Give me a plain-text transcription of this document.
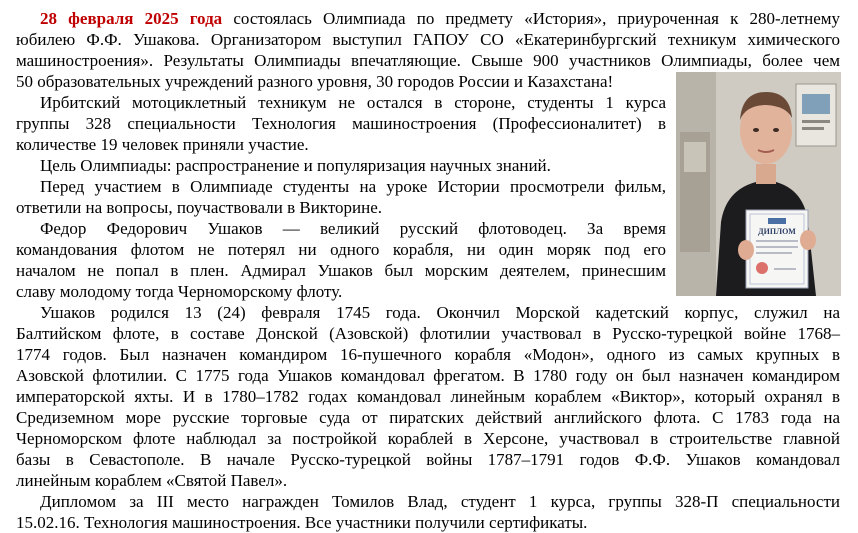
28 февраля 2025 года состоялась Олимпиада по предмету «История», приуроченная к 280-летнему
юбилею Ф.Ф. Ушакова. Организатором выступил ГАПОУ СО «Екатеринбургский техникум химического
машиностроения». Результаты Олимпиады впечатляющие. Свыше 900 участников Олимпиады, более чем
50 образовательных учреждений разного уровня, 30 городов России и Казахстана!
Ирбитский мотоциклетный техникум не остался в стороне, студенты 1 курса
группы 328 специальности Технология машиностроения (Профессионалитет) в
количестве 19 человек приняли участие.
Цель Олимпиады: распространение и популяризация научных знаний.
Перед участием в Олимпиаде студенты на уроке Истории просмотрели фильм,
ответили на вопросы, поучаствовали в Викторине.
Федор Федорович Ушаков — великий русский флотоводец. За время
командования флотом не потерял ни одного корабля, ни один моряк под его
началом не попал в плен. Адмирал Ушаков был морским деятелем, принесшим
славу молодому тогда Черноморскому флоту.
Ушаков родился 13 (24) февраля 1745 года. Окончил Морской кадетский корпус, служил на
Балтийском флоте, в составе Донской (Азовской) флотилии участвовал в Русско-турецкой войне 1768–
1774 годов. Был назначен командиром 16-пушечного корабля «Модон», одного из самых крупных в
Азовской флотилии. С 1775 года Ушаков командовал фрегатом. В 1780 году он был назначен командиром
императорской яхты. И в 1780–1782 годах командовал линейным кораблем «Виктор», который охранял в
Средиземном море русские торговые суда от пиратских действий английского флота. С 1783 года на
Черноморском флоте наблюдал за постройкой кораблей в Херсоне, участвовал в строительстве главной
базы в Севастополе. В начале Русско-турецкой войны 1787–1791 годов Ф.Ф. Ушаков командовал
линейным кораблем «Святой Павел».
Дипломом за III место награжден Томилов Влад, студент 1 курса, группы 328-П специальности
15.02.16. Технология машиностроения. Все участники получили сертификаты.
ДИПЛОМ
